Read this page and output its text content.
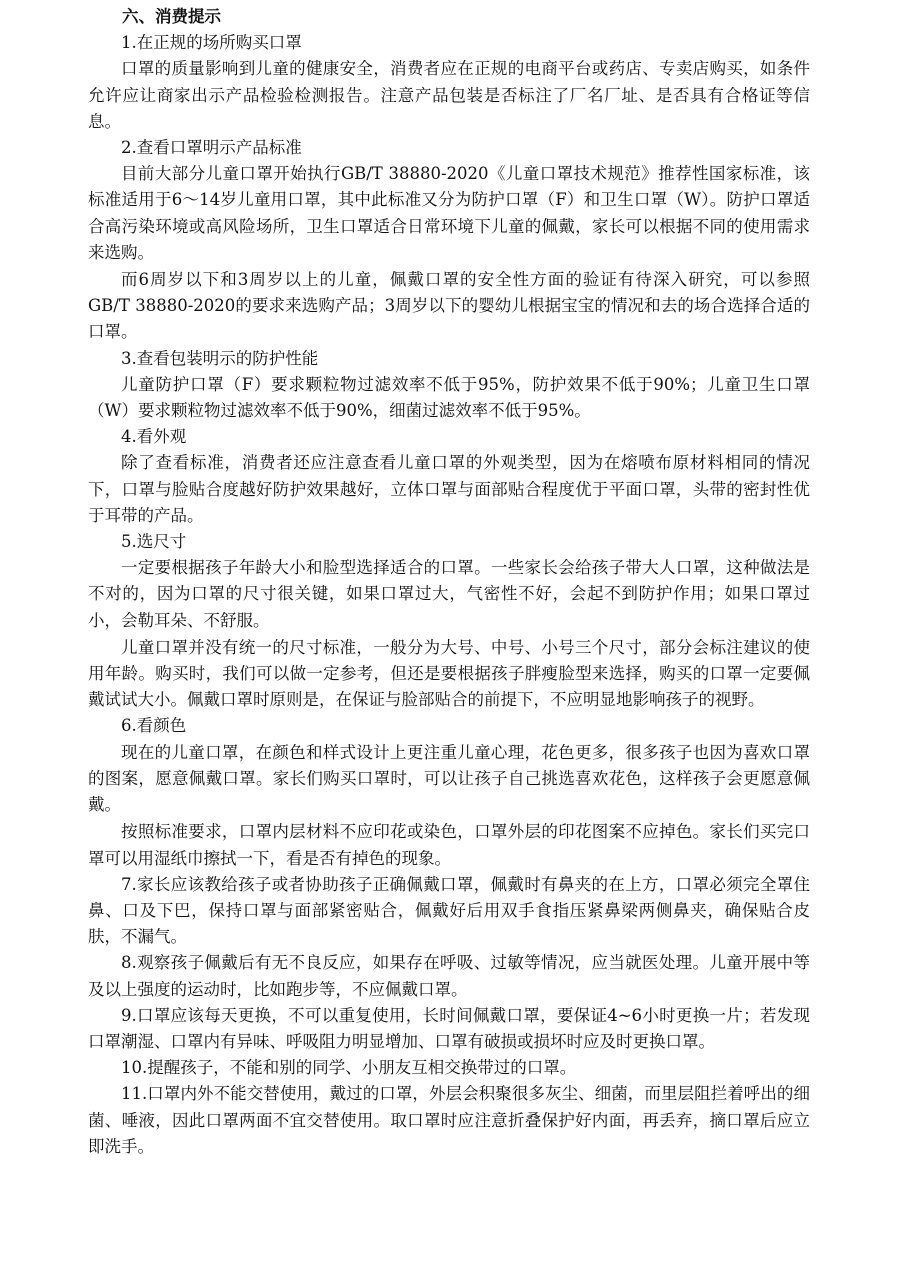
六、消费提示

1.在正规的场所购买口罩

口罩的质量影响到儿童的健康安全，消费者应在正规的电商平台或药店、专卖店购买，如条件允许应让商家出示产品检验检测报告。注意产品包装是否标注了厂名厂址、是否具有合格证等信息。

2.查看口罩明示产品标准

目前大部分儿童口罩开始执行GB/T 38880-2020《儿童口罩技术规范》推荐性国家标准，该标准适用于6～14岁儿童用口罩，其中此标准又分为防护口罩（F）和卫生口罩（W）。防护口罩适合高污染环境或高风险场所，卫生口罩适合日常环境下儿童的佩戴，家长可以根据不同的使用需求来选购。

而6周岁以下和3周岁以上的儿童，佩戴口罩的安全性方面的验证有待深入研究，可以参照GB/T 38880-2020的要求来选购产品；3周岁以下的婴幼儿根据宝宝的情况和去的场合选择合适的口罩。

3.查看包装明示的防护性能

儿童防护口罩（F）要求颗粒物过滤效率不低于95%，防护效果不低于90%；儿童卫生口罩（W）要求颗粒物过滤效率不低于90%，细菌过滤效率不低于95%。

4.看外观

除了查看标准，消费者还应注意查看儿童口罩的外观类型，因为在熔喷布原材料相同的情况下，口罩与脸贴合度越好防护效果越好，立体口罩与面部贴合程度优于平面口罩，头带的密封性优于耳带的产品。

5.选尺寸

一定要根据孩子年龄大小和脸型选择适合的口罩。一些家长会给孩子带大人口罩，这种做法是不对的，因为口罩的尺寸很关键，如果口罩过大，气密性不好，会起不到防护作用；如果口罩过小，会勒耳朵、不舒服。

儿童口罩并没有统一的尺寸标准，一般分为大号、中号、小号三个尺寸，部分会标注建议的使用年龄。购买时，我们可以做一定参考，但还是要根据孩子胖瘦脸型来选择，购买的口罩一定要佩戴试试大小。佩戴口罩时原则是，在保证与脸部贴合的前提下，不应明显地影响孩子的视野。

6.看颜色

现在的儿童口罩，在颜色和样式设计上更注重儿童心理，花色更多，很多孩子也因为喜欢口罩的图案，愿意佩戴口罩。家长们购买口罩时，可以让孩子自己挑选喜欢花色，这样孩子会更愿意佩戴。

按照标准要求，口罩内层材料不应印花或染色，口罩外层的印花图案不应掉色。家长们买完口罩可以用湿纸巾擦拭一下，看是否有掉色的现象。

7.家长应该教给孩子或者协助孩子正确佩戴口罩，佩戴时有鼻夹的在上方，口罩必须完全罩住鼻、口及下巴，保持口罩与面部紧密贴合，佩戴好后用双手食指压紧鼻梁两侧鼻夹，确保贴合皮肤，不漏气。

8.观察孩子佩戴后有无不良反应，如果存在呼吸、过敏等情况，应当就医处理。儿童开展中等及以上强度的运动时，比如跑步等，不应佩戴口罩。

9.口罩应该每天更换，不可以重复使用，长时间佩戴口罩，要保证4~6小时更换一片；若发现口罩潮湿、口罩内有异味、呼吸阻力明显增加、口罩有破损或损坏时应及时更换口罩。

10.提醒孩子，不能和别的同学、小朋友互相交换带过的口罩。

11.口罩内外不能交替使用，戴过的口罩，外层会积聚很多灰尘、细菌，而里层阻拦着呼出的细菌、唾液，因此口罩两面不宜交替使用。取口罩时应注意折叠保护好内面，再丢弃，摘口罩后应立即洗手。
